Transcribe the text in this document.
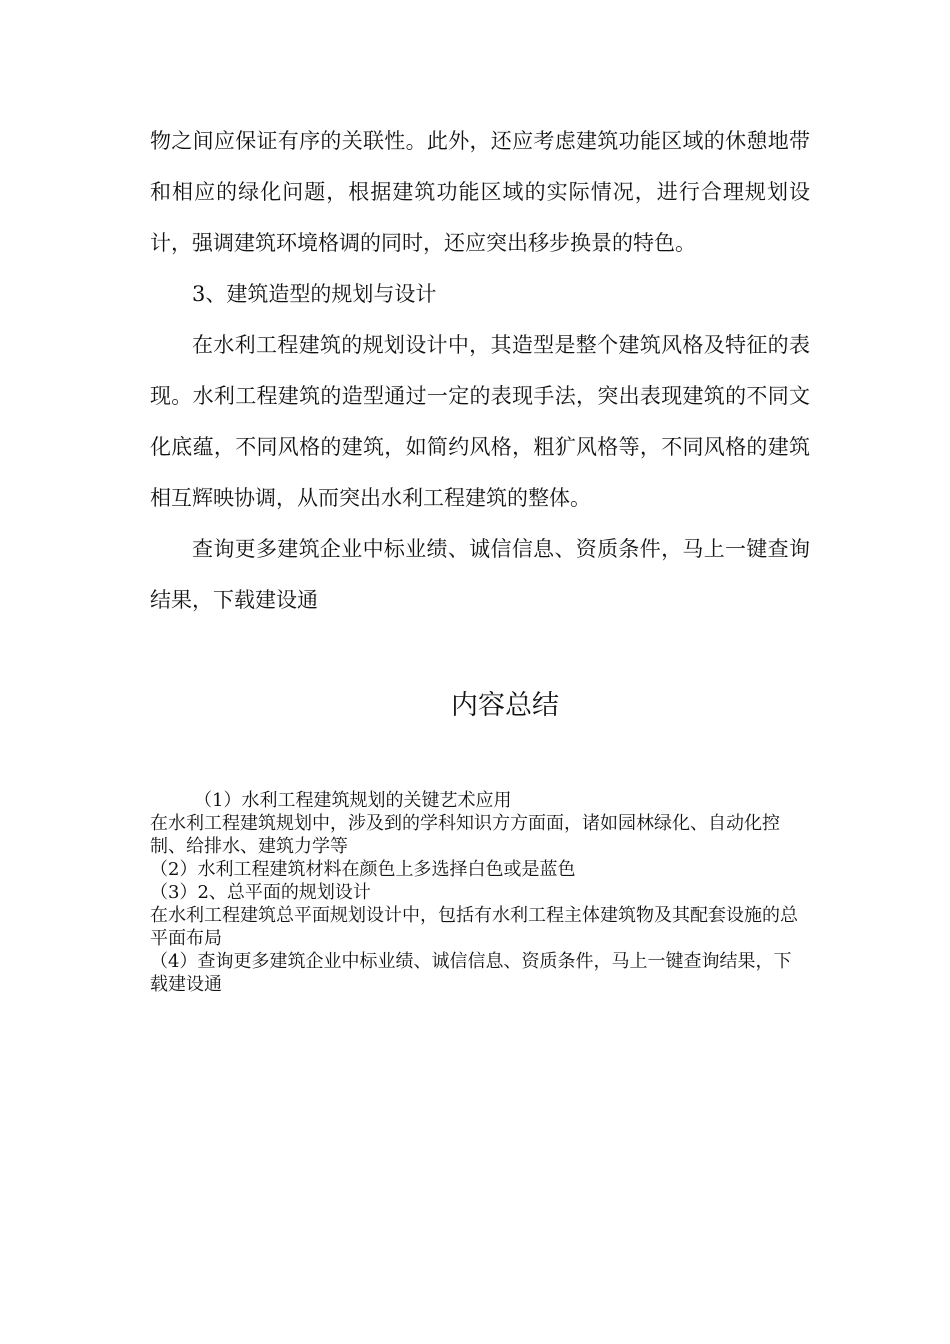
物之间应保证有序的关联性。此外，还应考虑建筑功能区域的休憩地带和相应的绿化问题，根据建筑功能区域的实际情况，进行合理规划设计，强调建筑环境格调的同时，还应突出移步换景的特色。

3、建筑造型的规划与设计

在水利工程建筑的规划设计中，其造型是整个建筑风格及特征的表现。水利工程建筑的造型通过一定的表现手法，突出表现建筑的不同文化底蕴，不同风格的建筑，如简约风格，粗犷风格等，不同风格的建筑相互辉映协调，从而突出水利工程建筑的整体。

查询更多建筑企业中标业绩、诚信信息、资质条件，马上一键查询结果，下载建设通

内容总结

（1）水利工程建筑规划的关键艺术应用

在水利工程建筑规划中，涉及到的学科知识方方面面，诸如园林绿化、自动化控制、给排水、建筑力学等

（2）水利工程建筑材料在颜色上多选择白色或是蓝色

（3）2、总平面的规划设计

在水利工程建筑总平面规划设计中，包括有水利工程主体建筑物及其配套设施的总平面布局

（4）查询更多建筑企业中标业绩、诚信信息、资质条件，马上一键查询结果，下载建设通
